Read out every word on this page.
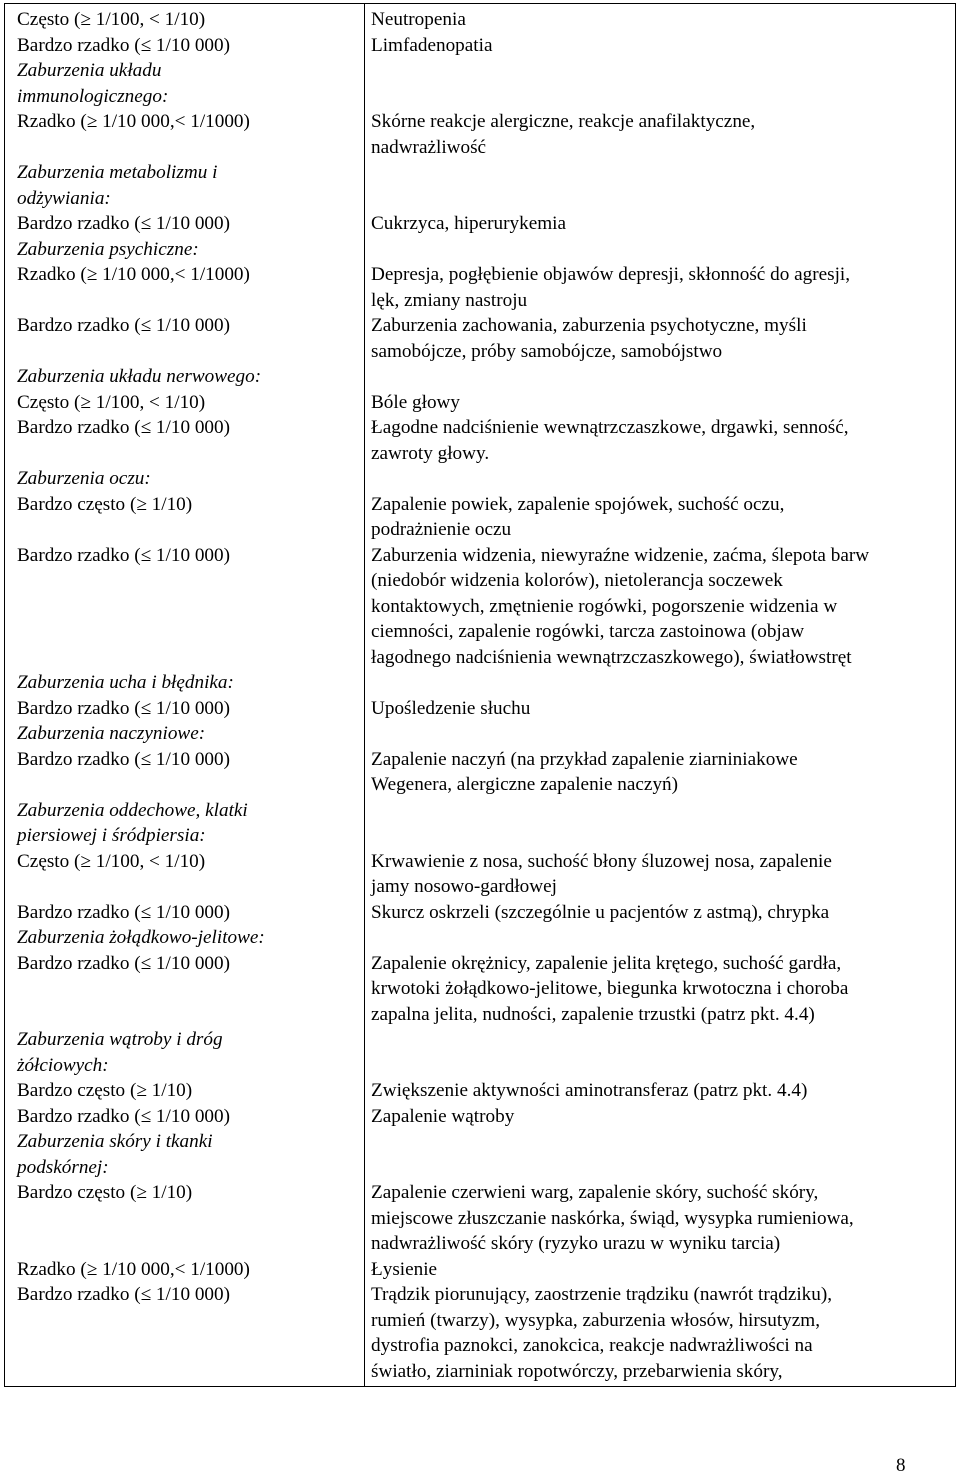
Często (≥ 1/100, < 1/10)
Bardzo rzadko (≤ 1/10 000)
Zaburzenia układu
immunologicznego:
Rzadko (≥ 1/10 000,< 1/1000)
Zaburzenia metabolizmu i
odżywiania:
Bardzo rzadko (≤ 1/10 000)
Zaburzenia psychiczne:
Rzadko (≥ 1/10 000,< 1/1000)
Bardzo rzadko (≤ 1/10 000)
Zaburzenia układu nerwowego:
Często (≥ 1/100, < 1/10)
Bardzo rzadko (≤ 1/10 000)
Zaburzenia oczu:
Bardzo często (≥ 1/10)
Bardzo rzadko (≤ 1/10 000)
Zaburzenia ucha i błędnika:
Bardzo rzadko (≤ 1/10 000)
Zaburzenia naczyniowe:
Bardzo rzadko (≤ 1/10 000)
Zaburzenia oddechowe, klatki
piersiowej i śródpiersia:
Często (≥ 1/100, < 1/10)
Bardzo rzadko (≤ 1/10 000)
Zaburzenia żołądkowo-jelitowe:
Bardzo rzadko (≤ 1/10 000)
Zaburzenia wątroby i dróg
żółciowych:
Bardzo często (≥ 1/10)
Bardzo rzadko (≤ 1/10 000)
Zaburzenia skóry i tkanki
podskórnej:
Bardzo często (≥ 1/10)
Rzadko (≥ 1/10 000,< 1/1000)
Bardzo rzadko (≤ 1/10 000)
Neutropenia
Limfadenopatia
Skórne reakcje alergiczne, reakcje anafilaktyczne,
nadwrażliwość
Cukrzyca, hiperurykemia
Depresja, pogłębienie objawów depresji, skłonność do agresji,
lęk, zmiany nastroju
Zaburzenia zachowania, zaburzenia psychotyczne, myśli
samobójcze, próby samobójcze, samobójstwo
Bóle głowy
Łagodne nadciśnienie wewnątrzczaszkowe, drgawki, senność,
zawroty głowy.
Zapalenie powiek, zapalenie spojówek, suchość oczu,
podrażnienie oczu
Zaburzenia widzenia, niewyraźne widzenie, zaćma, ślepota barw
(niedobór widzenia kolorów), nietolerancja soczewek
kontaktowych, zmętnienie rogówki, pogorszenie widzenia w
ciemności, zapalenie rogówki, tarcza zastoinowa (objaw
łagodnego nadciśnienia wewnątrzczaszkowego), światłowstręt
Upośledzenie słuchu
Zapalenie naczyń (na przykład zapalenie ziarniniakowe
Wegenera, alergiczne zapalenie naczyń)
Krwawienie z nosa, suchość błony śluzowej nosa, zapalenie
jamy nosowo-gardłowej
Skurcz oskrzeli (szczególnie u pacjentów z astmą), chrypka
Zapalenie okrężnicy, zapalenie jelita krętego, suchość gardła,
krwotoki żołądkowo-jelitowe, biegunka krwotoczna i choroba
zapalna jelita, nudności, zapalenie trzustki (patrz pkt. 4.4)
Zwiększenie aktywności aminotransferaz (patrz pkt. 4.4)
Zapalenie wątroby
Zapalenie czerwieni warg, zapalenie skóry, suchość skóry,
miejscowe złuszczanie naskórka, świąd, wysypka rumieniowa,
nadwrażliwość skóry (ryzyko urazu w wyniku tarcia)
Łysienie
Trądzik piorunujący, zaostrzenie trądziku (nawrót trądziku),
rumień (twarzy), wysypka, zaburzenia włosów, hirsutyzm,
dystrofia paznokci, zanokcica, reakcje nadwrażliwości na
światło, ziarniniak ropotwórczy, przebarwienia skóry,
8
